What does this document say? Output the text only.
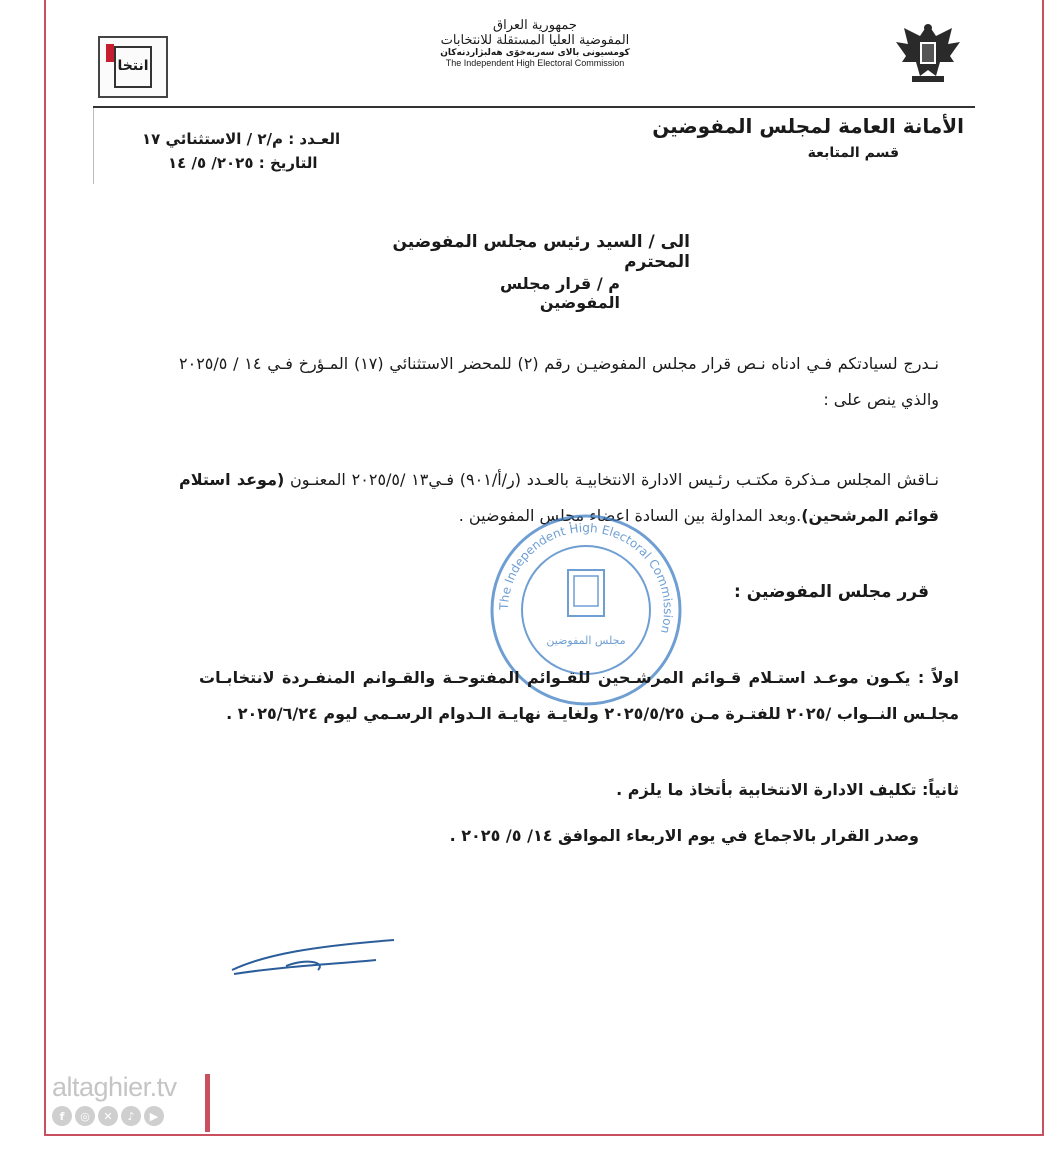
انتخا
جمهورية العراق
المفوضية العليا المستقلة للانتخابات
كومسيونى بالاى سەربەخۆى هەلبژاردنەكان
The Independent High Electoral Commission
الأمانة العامة لمجلس المفوضين
قسم المتابعة
العـدد : م/٢ / الاستثنائي ١٧
التاريخ : ٢٠٢٥/ ٥/ ١٤
الى / السيد رئيس مجلس المفوضين المحترم
م / قرار مجلس المفوضين
نـدرج لسيادتكم فـي ادناه نـص قرار مجلس المفوضيـن رقم (٢) للمحضر الاستثنائي (١٧) المـؤرخ فـي ١٤ / ٢٠٢٥/٥ والذي ينص على :
نـاقش المجلس مـذكرة مكتـب رئـيس الادارة الانتخابيـة بالعـدد (ر/أ/٩٠١) فـي١٣ /٢٠٢٥/٥ المعنـون (موعد استلام قوائم المرشحين).وبعد المداولة بين السادة اعضاء مجلس المفوضين .
The Independent High Electoral Commission
مجلس المفوضين
قرر مجلس المفوضين :
اولاً : يكـون موعـد استـلام قـوائم المرشـحين للقـوائم المفتوحـة والقـوانم المنفـردة لانتخابـات مجلـس النــواب /٢٠٢٥ للفتـرة مـن ٢٠٢٥/٥/٢٥ ولغايـة نهايـة الـدوام الرسـمي ليوم ٢٠٢٥/٦/٢٤ .
ثانياً: تكليف الادارة الانتخابية بأتخاذ ما يلزم .
وصدر القرار بالاجماع في يوم الاربعاء الموافق ١٤/ ٥/ ٢٠٢٥ .
altaghier.tv
f	◎	✕	♪	▶
